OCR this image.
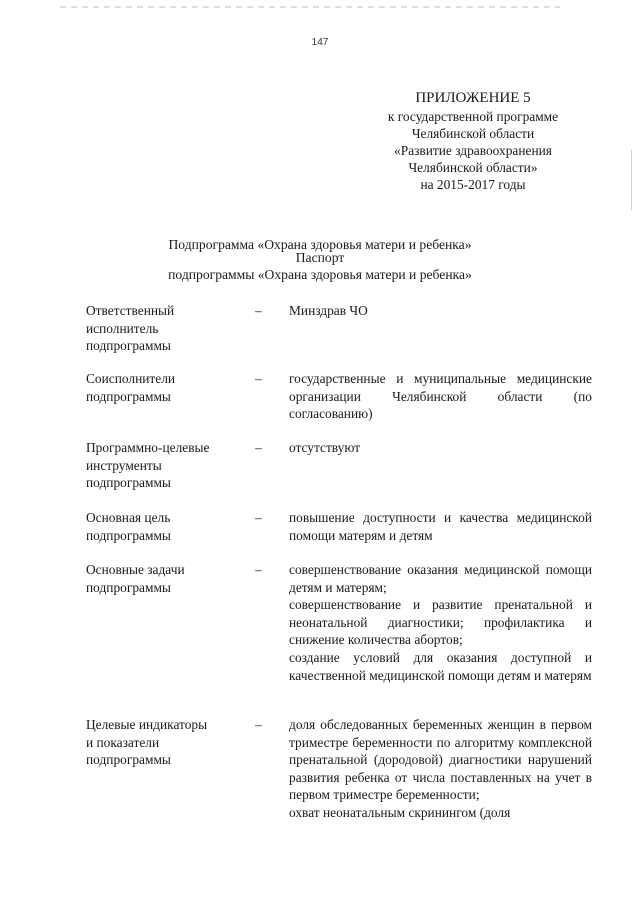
147
ПРИЛОЖЕНИЕ 5
к государственной программе
Челябинской области
«Развитие здравоохранения
Челябинской области»
на 2015-2017 годы
Подпрограмма «Охрана здоровья матери и ребенка»
Паспорт
подпрограммы «Охрана здоровья матери и ребенка»
Ответственный
исполнитель
подпрограммы
–	Минздрав ЧО

Соисполнители
подпрограммы
–	государственные и муниципальные медицинские организации Челябинской области (по согласованию)

Программно-целевые
инструменты
подпрограммы
–	отсутствуют

Основная цель
подпрограммы
–	повышение доступности и качества медицинской помощи матерям и детям

Основные задачи
подпрограммы
–	совершенствование оказания медицинской помощи детям и матерям;

совершенствование и развитие пренатальной и неонатальной диагностики; профилактика и снижение количества абортов;

создание условий для оказания доступной и качественной медицинской помощи детям и матерям

Целевые индикаторы
и показатели
подпрограммы
–	доля обследованных беременных женщин в первом триместре беременности по алгоритму комплексной пренатальной (дородовой) диагностики нарушений развития ребенка от числа поставленных на учет в первом триместре беременности;

охват неонатальным скринингом (доля
